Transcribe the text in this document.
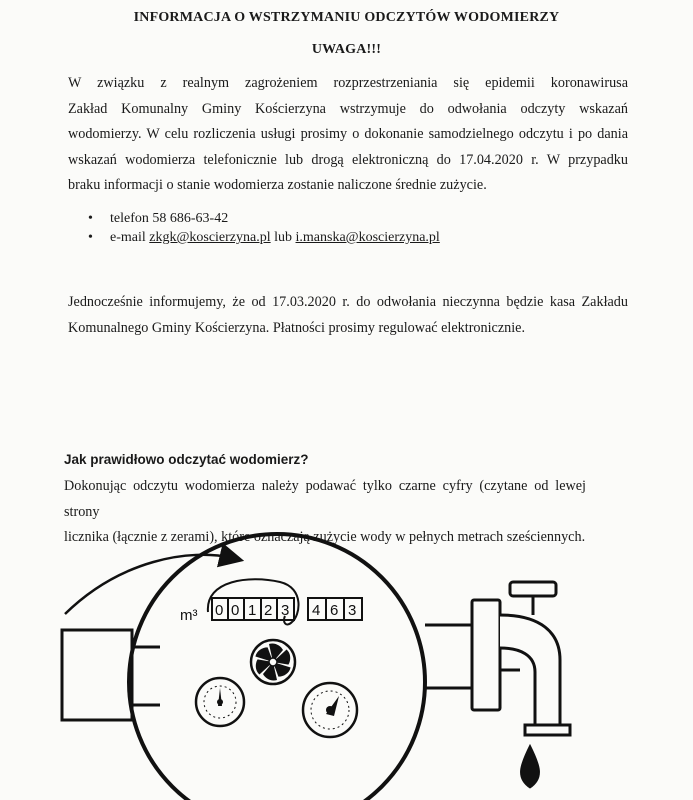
INFORMACJA O WSTRZYMANIU ODCZYTÓW WODOMIERZY
UWAGA!!!
W związku z realnym zagrożeniem rozprzestrzeniania się epidemii koronawirusa
Zakład Komunalny Gminy Kościerzyna wstrzymuje do odwołania odczyty wskazań
wodomierzy. W celu rozliczenia usługi prosimy o dokonanie samodzielnego odczytu i po dania
wskazań wodomierza telefonicznie lub drogą elektroniczną do 17.04.2020 r. W przypadku
braku informacji o stanie wodomierza zostanie naliczone średnie zużycie.
• telefon 58 686-63-42
• e-mail zkgk@koscierzyna.pl lub i.manska@koscierzyna.pl
Jednocześnie informujemy, że od 17.03.2020 r. do odwołania nieczynna będzie kasa Zakładu
Komunalnego Gminy Kościerzyna. Płatności prosimy regulować elektronicznie.
Jak prawidłowo odczytać wodomierz?
Dokonując odczytu wodomierza należy podawać tylko czarne cyfry (czytane od lewej strony
licznika (łącznie z zerami), które oznaczają zużycie wody w pełnych metrach sześciennych.
m³ 0 0 1 2 3 4 6 3
